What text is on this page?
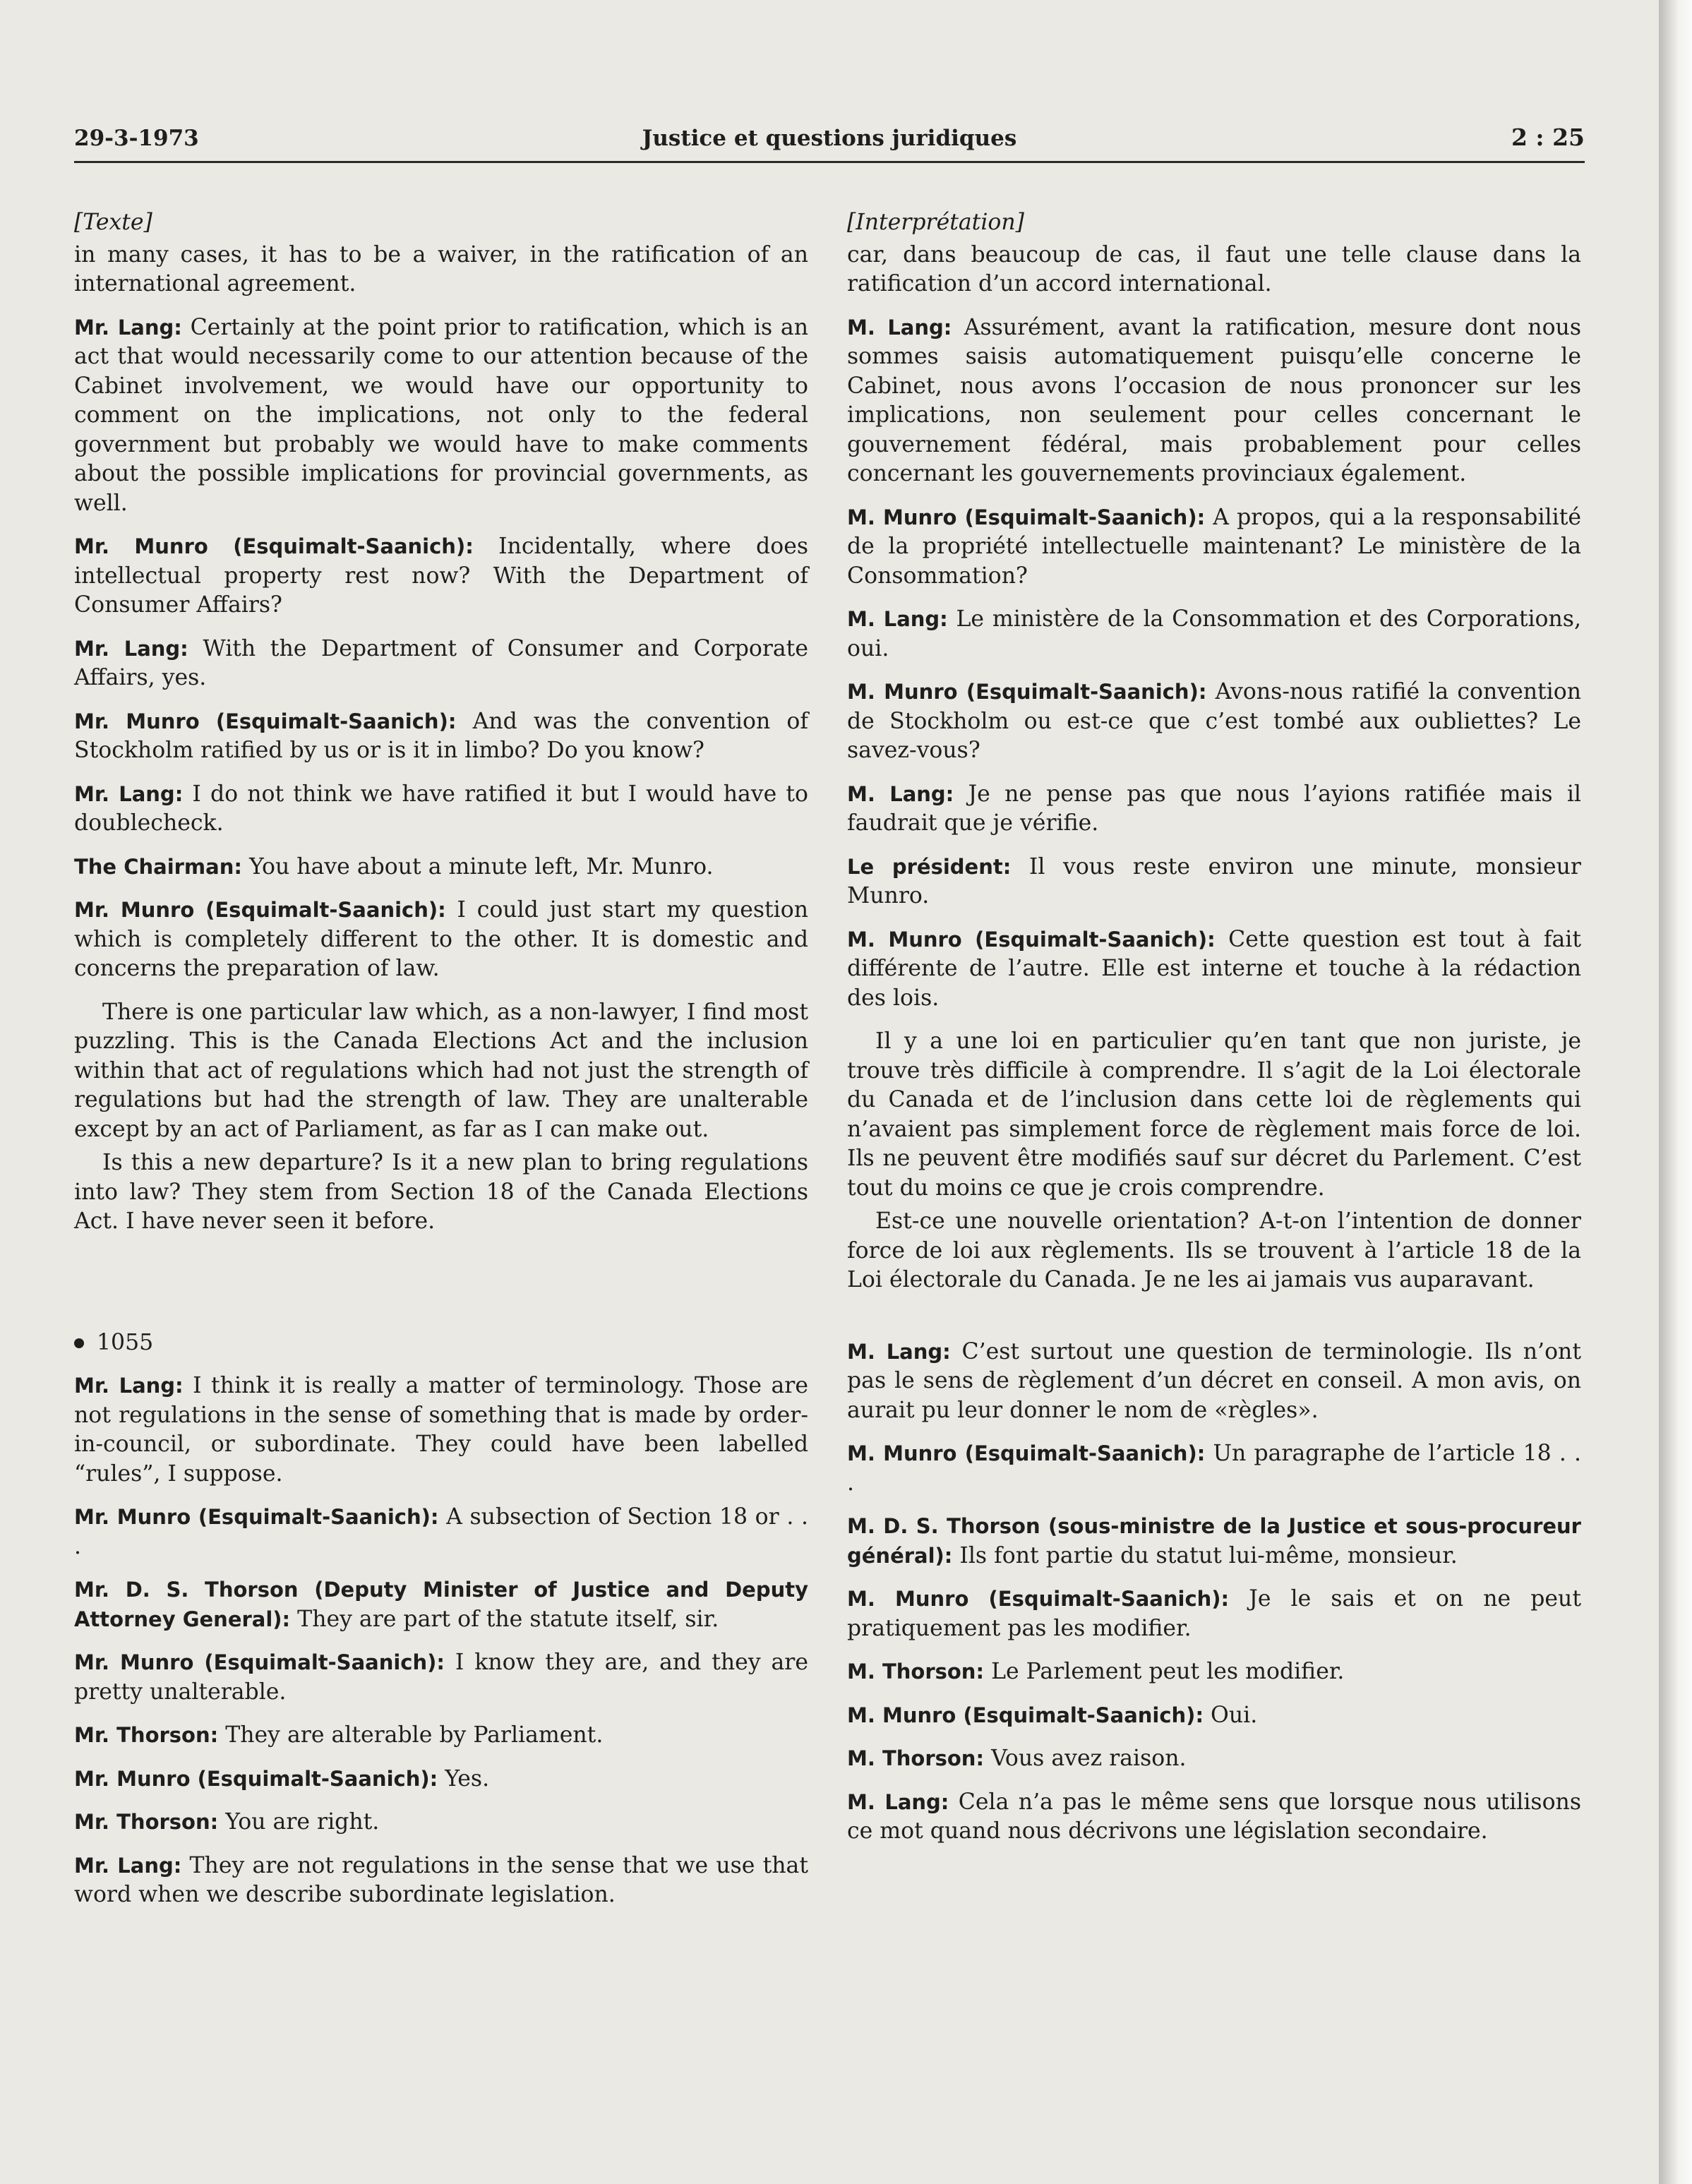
29-3-1973	Justice et questions juridiques	2 : 25

[Texte]

in many cases, it has to be a waiver, in the ratification of an international agreement.

Mr. Lang: Certainly at the point prior to ratification, which is an act that would necessarily come to our attention because of the Cabinet involvement, we would have our opportunity to comment on the implications, not only to the federal government but probably we would have to make comments about the possible implications for provincial governments, as well.

Mr. Munro (Esquimalt-Saanich): Incidentally, where does intellectual property rest now? With the Department of Consumer Affairs?

Mr. Lang: With the Department of Consumer and Corporate Affairs, yes.

Mr. Munro (Esquimalt-Saanich): And was the convention of Stockholm ratified by us or is it in limbo? Do you know?

Mr. Lang: I do not think we have ratified it but I would have to doublecheck.

The Chairman: You have about a minute left, Mr. Munro.

Mr. Munro (Esquimalt-Saanich): I could just start my question which is completely different to the other. It is domestic and concerns the preparation of law.

There is one particular law which, as a non-lawyer, I find most puzzling. This is the Canada Elections Act and the inclusion within that act of regulations which had not just the strength of regulations but had the strength of law. They are unalterable except by an act of Parliament, as far as I can make out.

Is this a new departure? Is it a new plan to bring regulations into law? They stem from Section 18 of the Canada Elections Act. I have never seen it before.

1055

Mr. Lang: I think it is really a matter of terminology. Those are not regulations in the sense of something that is made by order-in-council, or subordinate. They could have been labelled “rules”, I suppose.

Mr. Munro (Esquimalt-Saanich): A subsection of Section 18 or . . .

Mr. D. S. Thorson (Deputy Minister of Justice and Deputy Attorney General): They are part of the statute itself, sir.

Mr. Munro (Esquimalt-Saanich): I know they are, and they are pretty unalterable.

Mr. Thorson: They are alterable by Parliament.

Mr. Munro (Esquimalt-Saanich): Yes.

Mr. Thorson: You are right.

Mr. Lang: They are not regulations in the sense that we use that word when we describe subordinate legislation.

[Interprétation]

car, dans beaucoup de cas, il faut une telle clause dans la ratification d’un accord international.

M. Lang: Assurément, avant la ratification, mesure dont nous sommes saisis automatiquement puisqu’elle concerne le Cabinet, nous avons l’occasion de nous prononcer sur les implications, non seulement pour celles concernant le gouvernement fédéral, mais probablement pour celles concernant les gouvernements provinciaux également.

M. Munro (Esquimalt-Saanich): A propos, qui a la responsabilité de la propriété intellectuelle maintenant? Le ministère de la Consommation?

M. Lang: Le ministère de la Consommation et des Corporations, oui.

M. Munro (Esquimalt-Saanich): Avons-nous ratifié la convention de Stockholm ou est-ce que c’est tombé aux oubliettes? Le savez-vous?

M. Lang: Je ne pense pas que nous l’ayions ratifiée mais il faudrait que je vérifie.

Le président: Il vous reste environ une minute, monsieur Munro.

M. Munro (Esquimalt-Saanich): Cette question est tout à fait différente de l’autre. Elle est interne et touche à la rédaction des lois.

Il y a une loi en particulier qu’en tant que non juriste, je trouve très difficile à comprendre. Il s’agit de la Loi électorale du Canada et de l’inclusion dans cette loi de règlements qui n’avaient pas simplement force de règlement mais force de loi. Ils ne peuvent être modifiés sauf sur décret du Parlement. C’est tout du moins ce que je crois comprendre.

Est-ce une nouvelle orientation? A-t-on l’intention de donner force de loi aux règlements. Ils se trouvent à l’article 18 de la Loi électorale du Canada. Je ne les ai jamais vus auparavant.

M. Lang: C’est surtout une question de terminologie. Ils n’ont pas le sens de règlement d’un décret en conseil. A mon avis, on aurait pu leur donner le nom de «règles».

M. Munro (Esquimalt-Saanich): Un paragraphe de l’article 18 . . .

M. D. S. Thorson (sous-ministre de la Justice et sous-procureur général): Ils font partie du statut lui-même, monsieur.

M. Munro (Esquimalt-Saanich): Je le sais et on ne peut pratiquement pas les modifier.

M. Thorson: Le Parlement peut les modifier.

M. Munro (Esquimalt-Saanich): Oui.

M. Thorson: Vous avez raison.

M. Lang: Cela n’a pas le même sens que lorsque nous utilisons ce mot quand nous décrivons une législation secondaire.
